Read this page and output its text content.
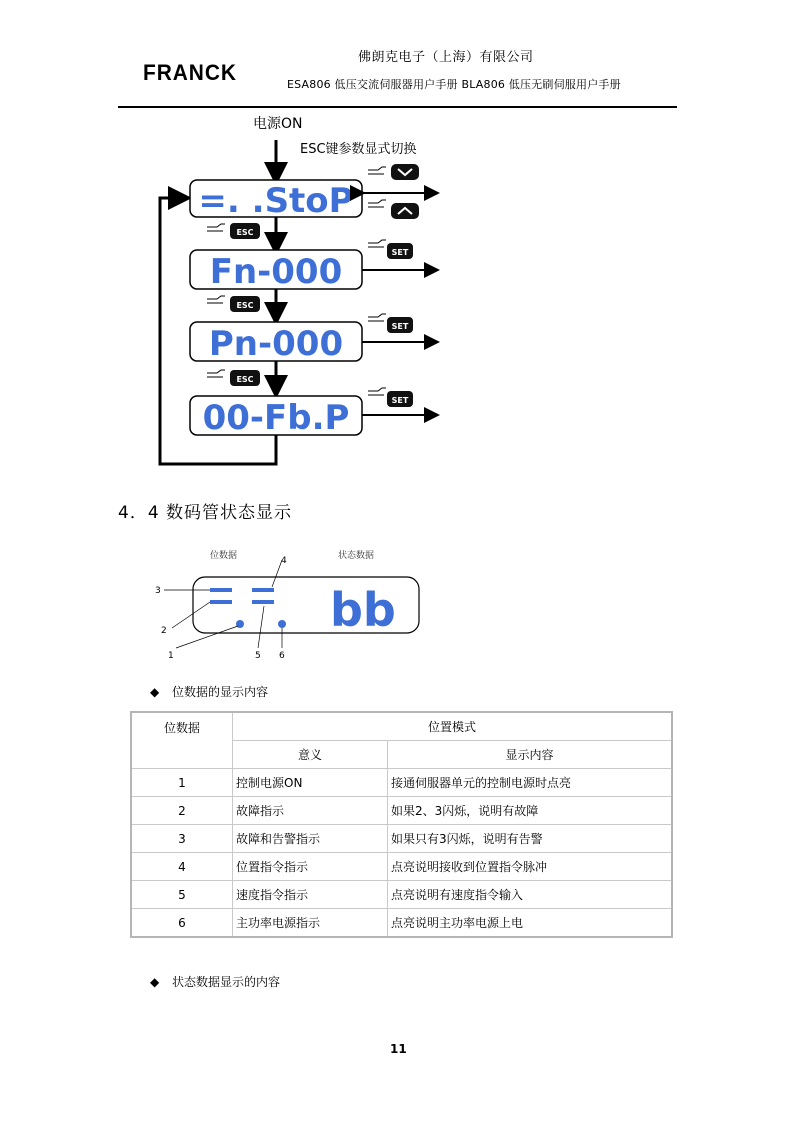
FRANCK
佛朗克电子（上海）有限公司
ESA806 低压交流伺服器用户手册 BLA806 低压无刷伺服用户手册
电源ON
ESC键参数显式切换
=. .StoP
Fn-000
Pn-000
00-Fb.P
ESC
ESC
ESC
SET
SET
SET
4．4 数码管状态显示
位数据	状态数据
bb
3
2
1
4
5 6
◆ 位数据的显示内容
位数据	位置模式	
	意义	显示内容
1	控制电源ON	接通伺服器单元的控制电源时点亮
2	故障指示	如果2、3闪烁，说明有故障
3	故障和告警指示	如果只有3闪烁，说明有告警
4	位置指令指示	点亮说明接收到位置指令脉冲
5	速度指令指示	点亮说明有速度指令输入
6	主功率电源指示	点亮说明主功率电源上电
◆ 状态数据显示的内容
11
